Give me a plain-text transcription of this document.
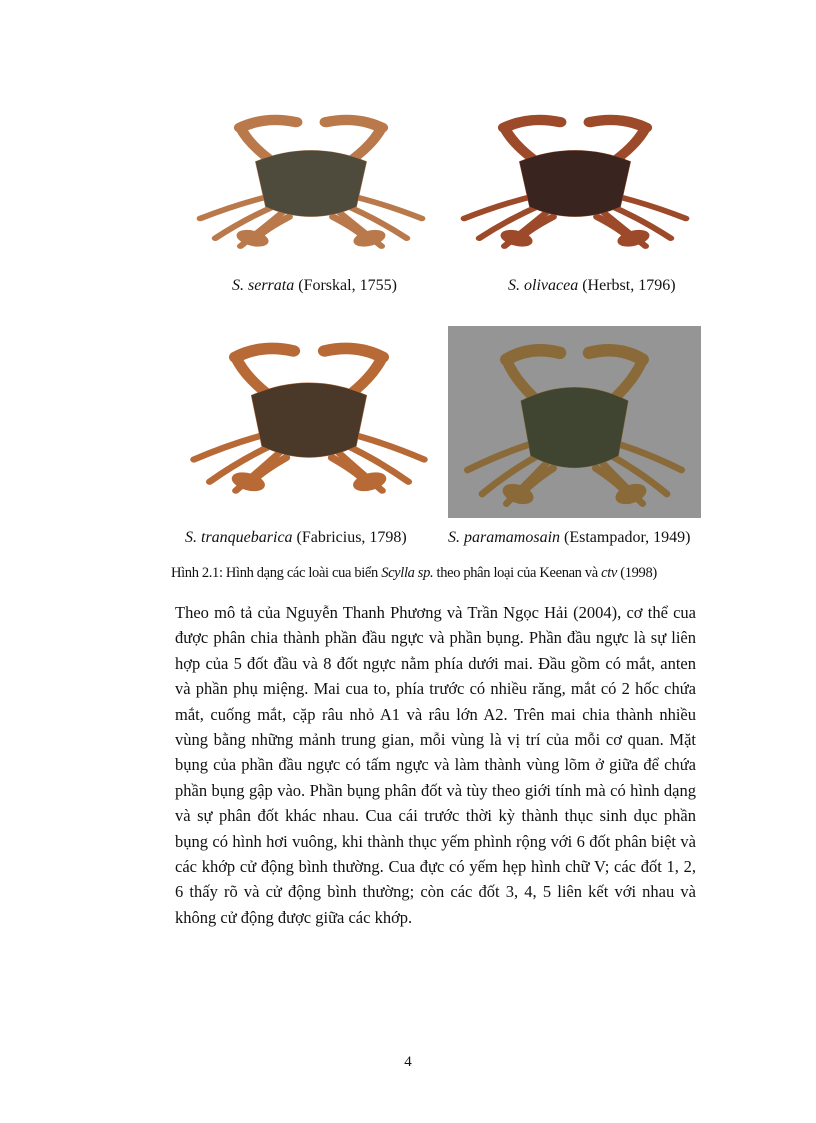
S. serrata (Forskal, 1755)	S. olivacea (Herbst, 1796)
S. tranquebarica (Fabricius, 1798)	S. paramamosain (Estampador, 1949)
Hình 2.1: Hình dạng các loài cua biển Scylla sp. theo phân loại của Keenan và ctv (1998)

Theo mô tả của Nguyễn Thanh Phương và Trần Ngọc Hải (2004), cơ thể cua được phân chia thành phần đầu ngực và phần bụng. Phần đầu ngực là sự liên hợp của 5 đốt đầu và 8 đốt ngực nằm phía dưới mai. Đầu gồm có mắt, anten và phần phụ miệng. Mai cua to, phía trước có nhiều răng, mắt có 2 hốc chứa mắt, cuống mắt, cặp râu nhỏ A1 và râu lớn A2. Trên mai chia thành nhiều vùng bằng những mảnh trung gian, mỗi vùng là vị trí của mỗi cơ quan. Mặt bụng của phần đầu ngực có tấm ngực và làm thành vùng lõm ở giữa để chứa phần bụng gập vào. Phần bụng phân đốt và tùy theo giới tính mà có hình dạng và sự phân đốt khác nhau. Cua cái trước thời kỳ thành thục sinh dục phần bụng có hình hơi vuông, khi thành thục yếm phình rộng với 6 đốt phân biệt và các khớp cử động bình thường. Cua đực có yếm hẹp hình chữ V; các đốt 1, 2, 6 thấy rõ và cử động bình thường; còn các đốt 3, 4, 5 liên kết với nhau và không cử động được giữa các khớp.

4
